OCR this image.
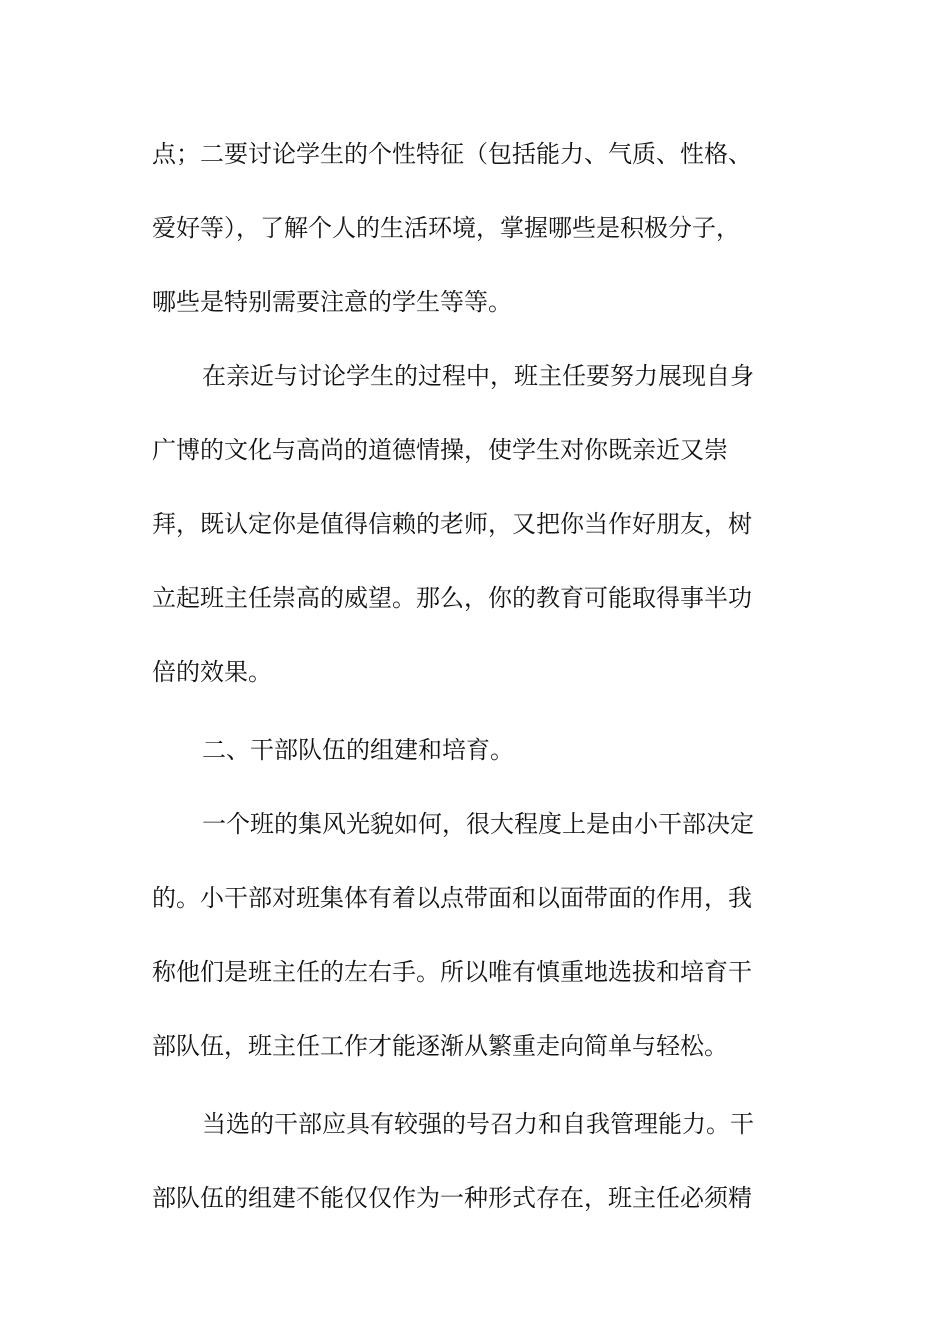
点；二要讨论学生的个性特征（包括能力、气质、性格、
爱好等），了解个人的生活环境，掌握哪些是积极分子，
哪些是特别需要注意的学生等等。
在亲近与讨论学生的过程中，班主任要努力展现自身
广博的文化与高尚的道德情操，使学生对你既亲近又崇
拜，既认定你是值得信赖的老师，又把你当作好朋友，树
立起班主任崇高的威望。那么，你的教育可能取得事半功
倍的效果。
二、干部队伍的组建和培育。
一个班的集风光貌如何，很大程度上是由小干部决定
的。小干部对班集体有着以点带面和以面带面的作用，我
称他们是班主任的左右手。所以唯有慎重地选拔和培育干
部队伍，班主任工作才能逐渐从繁重走向简单与轻松。
当选的干部应具有较强的号召力和自我管理能力。干
部队伍的组建不能仅仅作为一种形式存在，班主任必须精
